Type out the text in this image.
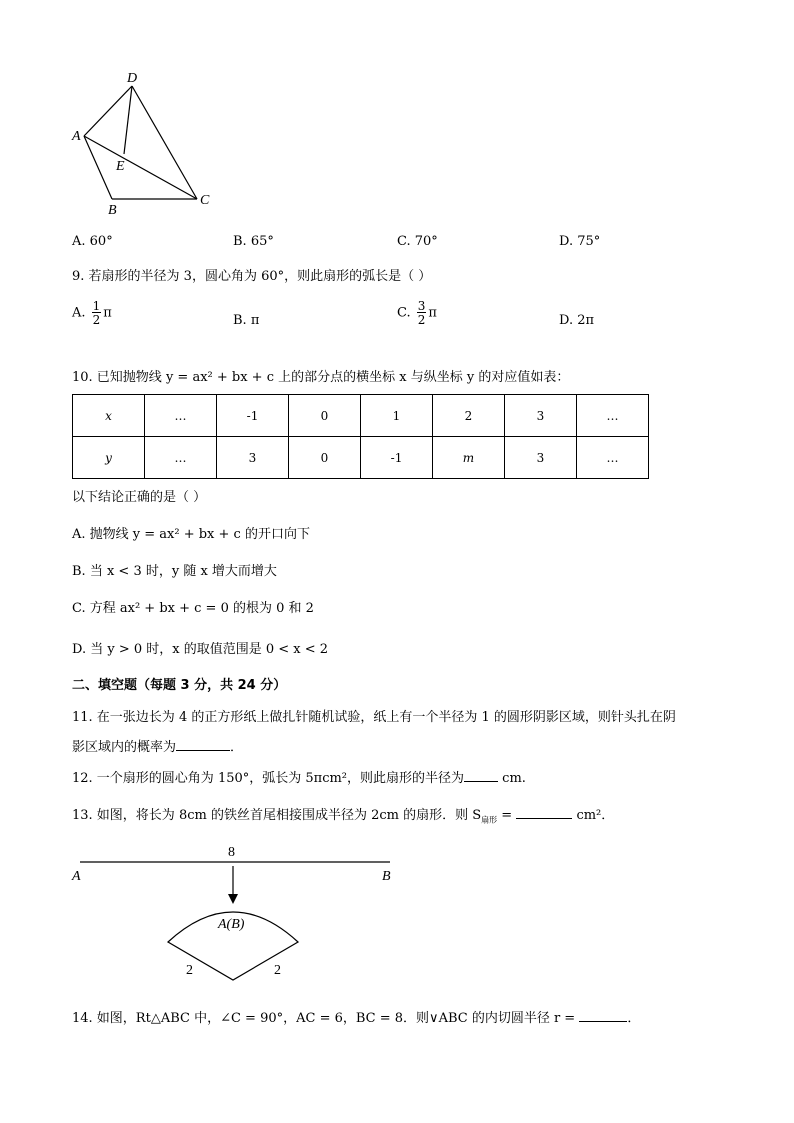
D
A
E
B
C
A. 60°	B. 65°	C. 70°	D. 75°
9. 若扇形的半径为 3，圆心角为 60°，则此扇形的弧长是（ ）
A. $\frac{1}{2}$ π	B. π	C. $\frac{3}{2}$ π	D. 2π
10. 已知抛物线 y = ax² + bx + c 上的部分点的横坐标 x 与纵坐标 y 的对应值如表：
x	…	-1	0	1	2	3	…
y	…	3	0	-1	m	3	…
以下结论正确的是（ ）
A. 抛物线 y = ax² + bx + c 的开口向下
B. 当 x < 3 时，y 随 x 增大而增大
C. 方程 ax² + bx + c = 0 的根为 0 和 2
D. 当 y > 0 时，x 的取值范围是 0 < x < 2
二、填空题（每题 3 分，共 24 分）
11. 在一张边长为 4 的正方形纸上做扎针随机试验，纸上有一个半径为 1 的圆形阴影区域，则针头扎在阴
影区域内的概率为	．
12. 一个扇形的圆心角为 150°，弧长为 5πcm²，则此扇形的半径为	cm.
13. 如图，将长为 8cm 的铁丝首尾相接围成半径为 2cm 的扇形．则 $S_{扇形}$ =	cm²．
8
A	B
A(B)
2	2
14. 如图，Rt△ABC 中，∠C = 90°，AC = 6，BC = 8．则∨ABC 的内切圆半径 r =	．
